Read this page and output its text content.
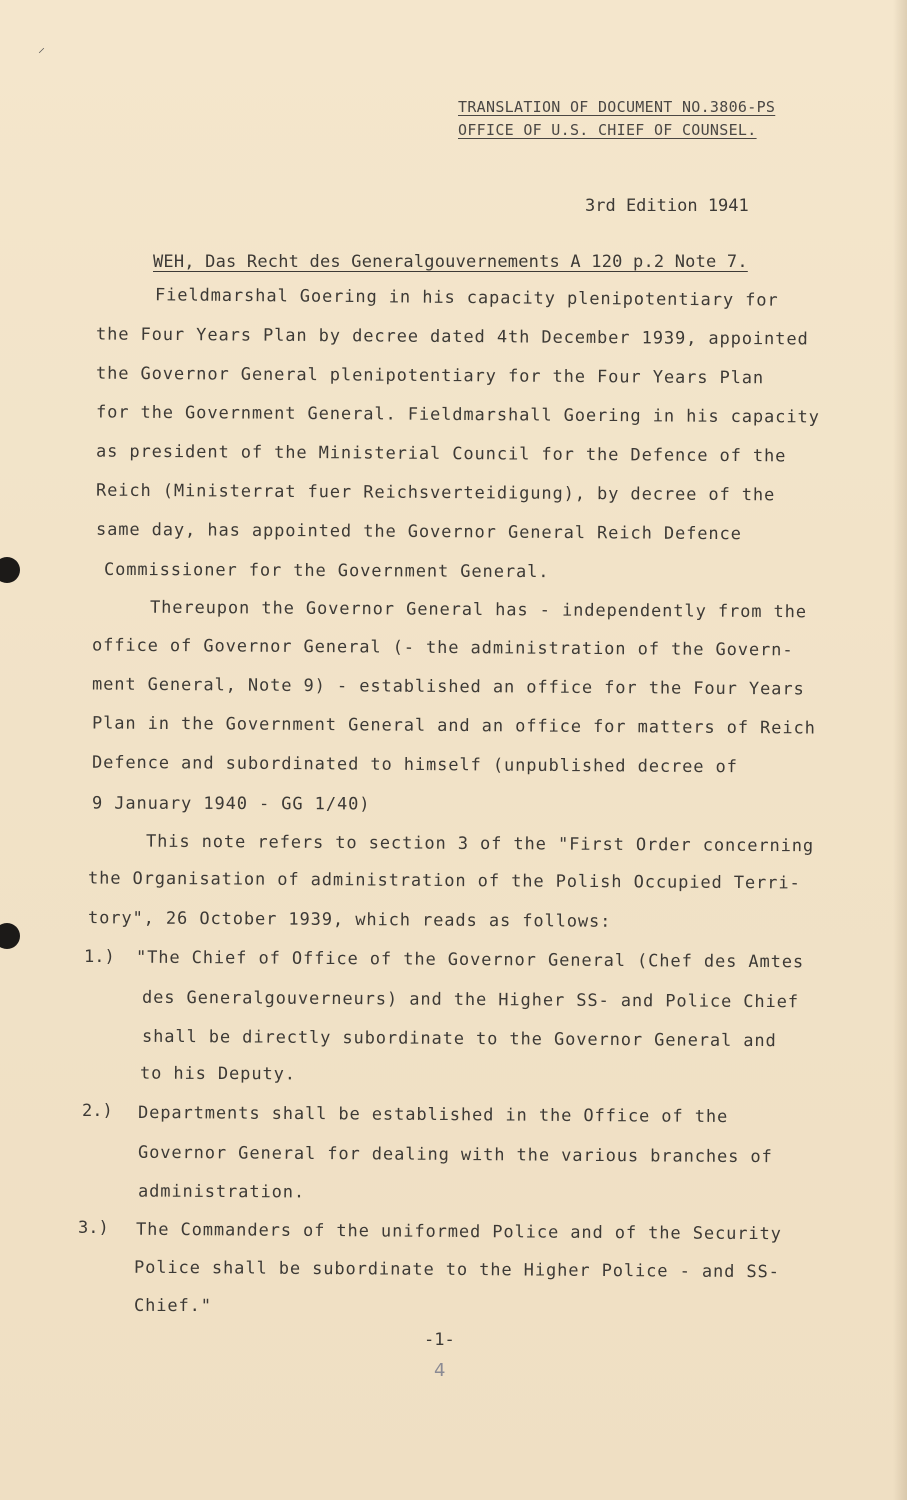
⸝
TRANSLATION OF DOCUMENT NO.3806-PS
OFFICE OF U.S. CHIEF OF COUNSEL.
3rd Edition 1941
WEH, Das Recht des Generalgouvernements A 120 p.2 Note 7.
Fieldmarshal Goering in his capacity plenipotentiary for
the Four Years Plan by decree dated 4th December 1939, appointed
the Governor General plenipotentiary for the Four Years Plan
for the Government General. Fieldmarshall Goering in his capacity
as president of the Ministerial Council for the Defence of the
Reich (Ministerrat fuer Reichsverteidigung), by decree of the
same day, has appointed the Governor General Reich Defence
Commissioner for the Government General.
Thereupon the Governor General has - independently from the
office of Governor General (- the administration of the Govern-
ment General, Note 9) - established an office for the Four Years
Plan in the Government General and an office for matters of Reich
Defence and subordinated to himself (unpublished decree of
9 January 1940 - GG 1/40)
This note refers to section 3 of the "First Order concerning
the Organisation of administration of the Polish Occupied Terri-
tory", 26 October 1939, which reads as follows:
1.) "The Chief of Office of the Governor General (Chef des Amtes
des Generalgouverneurs) and the Higher SS- and Police Chief
shall be directly subordinate to the Governor General and
to his Deputy.
2.) Departments shall be established in the Office of the
Governor General for dealing with the various branches of
administration.
3.) The Commanders of the uniformed Police and of the Security
Police shall be subordinate to the Higher Police - and SS-
Chief."
-1-
4
